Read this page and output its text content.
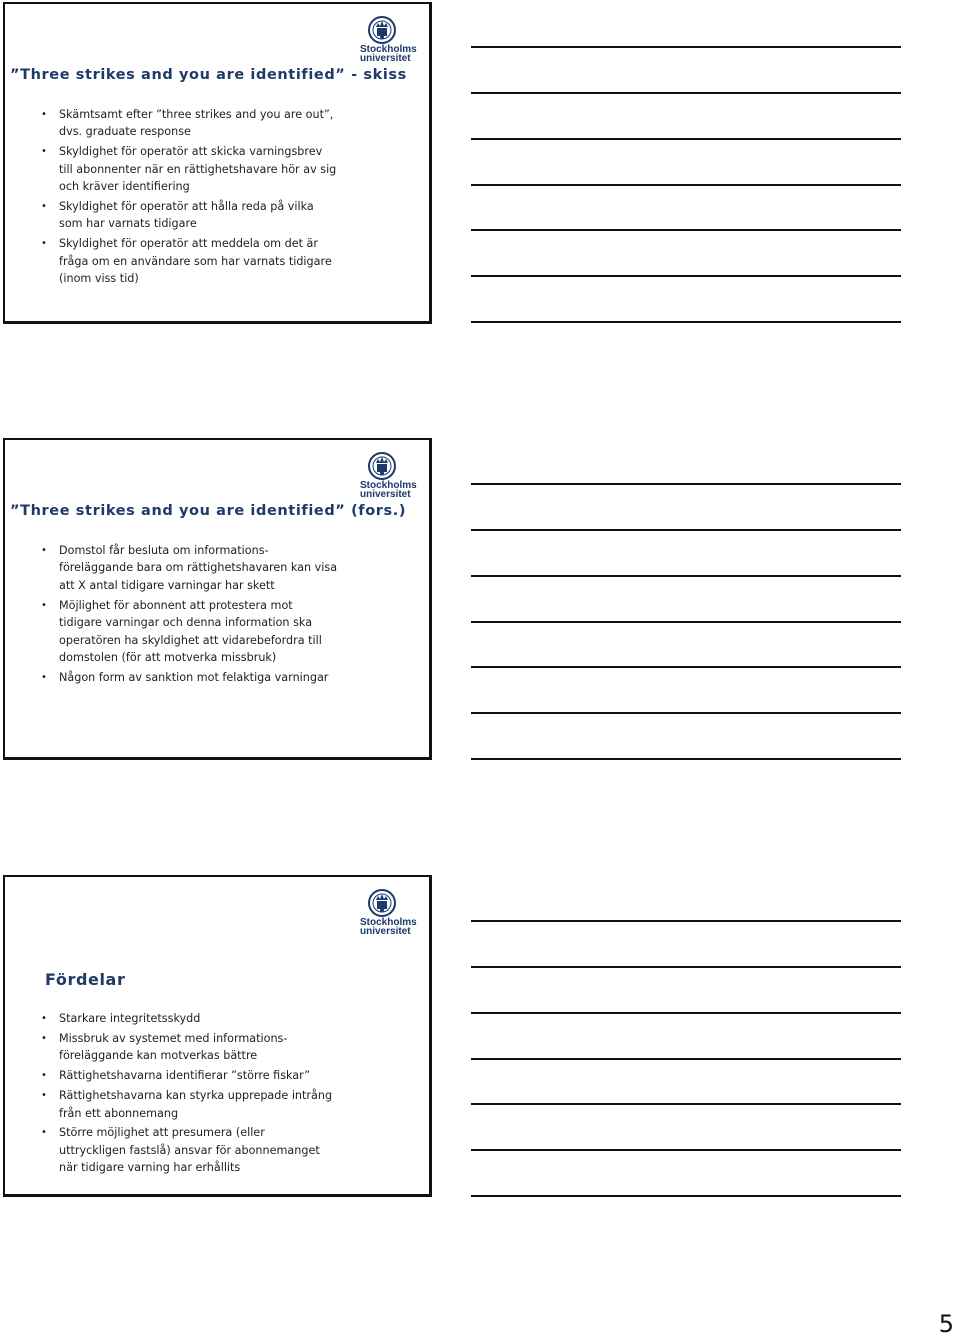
Stockholms
universitet
”Three strikes and you are identified” - skiss
• Skämtsamt efter ”three strikes and you are out”,
dvs. graduate response
• Skyldighet för operatör att skicka varningsbrev
till abonnenter när en rättighetshavare hör av sig
och kräver identifiering
• Skyldighet för operatör att hålla reda på vilka
som har varnats tidigare
• Skyldighet för operatör att meddela om det är
fråga om en användare som har varnats tidigare
(inom viss tid)
Stockholms
universitet
”Three strikes and you are identified” (fors.)
• Domstol får besluta om informations-
föreläggande bara om rättighetshavaren kan visa
att X antal tidigare varningar har skett
• Möjlighet för abonnent att protestera mot
tidigare varningar och denna information ska
operatören ha skyldighet att vidarebefordra till
domstolen (för att motverka missbruk)
• Någon form av sanktion mot felaktiga varningar
Stockholms
universitet
Fördelar
• Starkare integritetsskydd
• Missbruk av systemet med informations-
föreläggande kan motverkas bättre
• Rättighetshavarna identifierar ”större fiskar”
• Rättighetshavarna kan styrka upprepade intrång
från ett abonnemang
• Större möjlighet att presumera (eller
uttryckligen fastslå) ansvar för abonnemanget
när tidigare varning har erhållits
5
